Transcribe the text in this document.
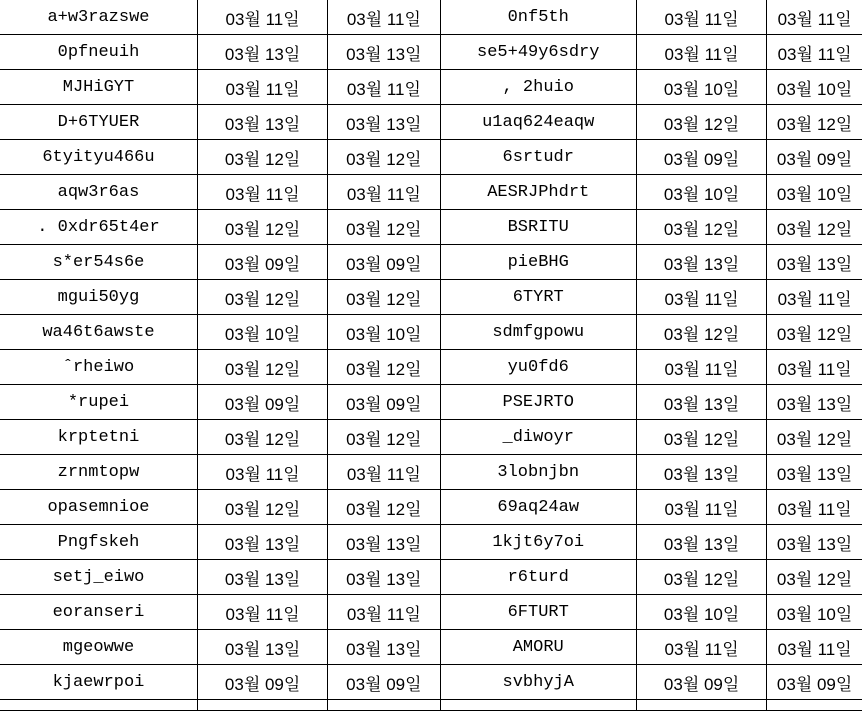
a+w3razswe	03월 11일	03월 11일	0nf5th	03월 11일	03월 11일
0pfneuih	03월 13일	03월 13일	se5+49y6sdry	03월 11일	03월 11일
MJHiGYT	03월 11일	03월 11일	, 2huio	03월 10일	03월 10일
D+6TYUER	03월 13일	03월 13일	u1aq624eaqw	03월 12일	03월 12일
6tyityu466u	03월 12일	03월 12일	6srtudr	03월 09일	03월 09일
aqw3r6as	03월 11일	03월 11일	AESRJPhdrt	03월 10일	03월 10일
. 0xdr65t4er	03월 12일	03월 12일	BSRITU	03월 12일	03월 12일
s*er54s6e	03월 09일	03월 09일	pieBHG	03월 13일	03월 13일
mgui50yg	03월 12일	03월 12일	6TYRT	03월 11일	03월 11일
wa46t6awste	03월 10일	03월 10일	sdmfgpowu	03월 12일	03월 12일
ˆrheiwo	03월 12일	03월 12일	yu0fd6	03월 11일	03월 11일
*rupei	03월 09일	03월 09일	PSEJRTO	03월 13일	03월 13일
krptetni	03월 12일	03월 12일	_diwoyr	03월 12일	03월 12일
zrnmtopw	03월 11일	03월 11일	3lobnjbn	03월 13일	03월 13일
opasemnioe	03월 12일	03월 12일	69aq24aw	03월 11일	03월 11일
Pngfskeh	03월 13일	03월 13일	1kjt6y7oi	03월 13일	03월 13일
setj_eiwo	03월 13일	03월 13일	r6turd	03월 12일	03월 12일
eoranseri	03월 11일	03월 11일	6FTURT	03월 10일	03월 10일
mgeowwe	03월 13일	03월 13일	AMORU	03월 11일	03월 11일
kjaewrpoi	03월 09일	03월 09일	svbhyjA	03월 09일	03월 09일
